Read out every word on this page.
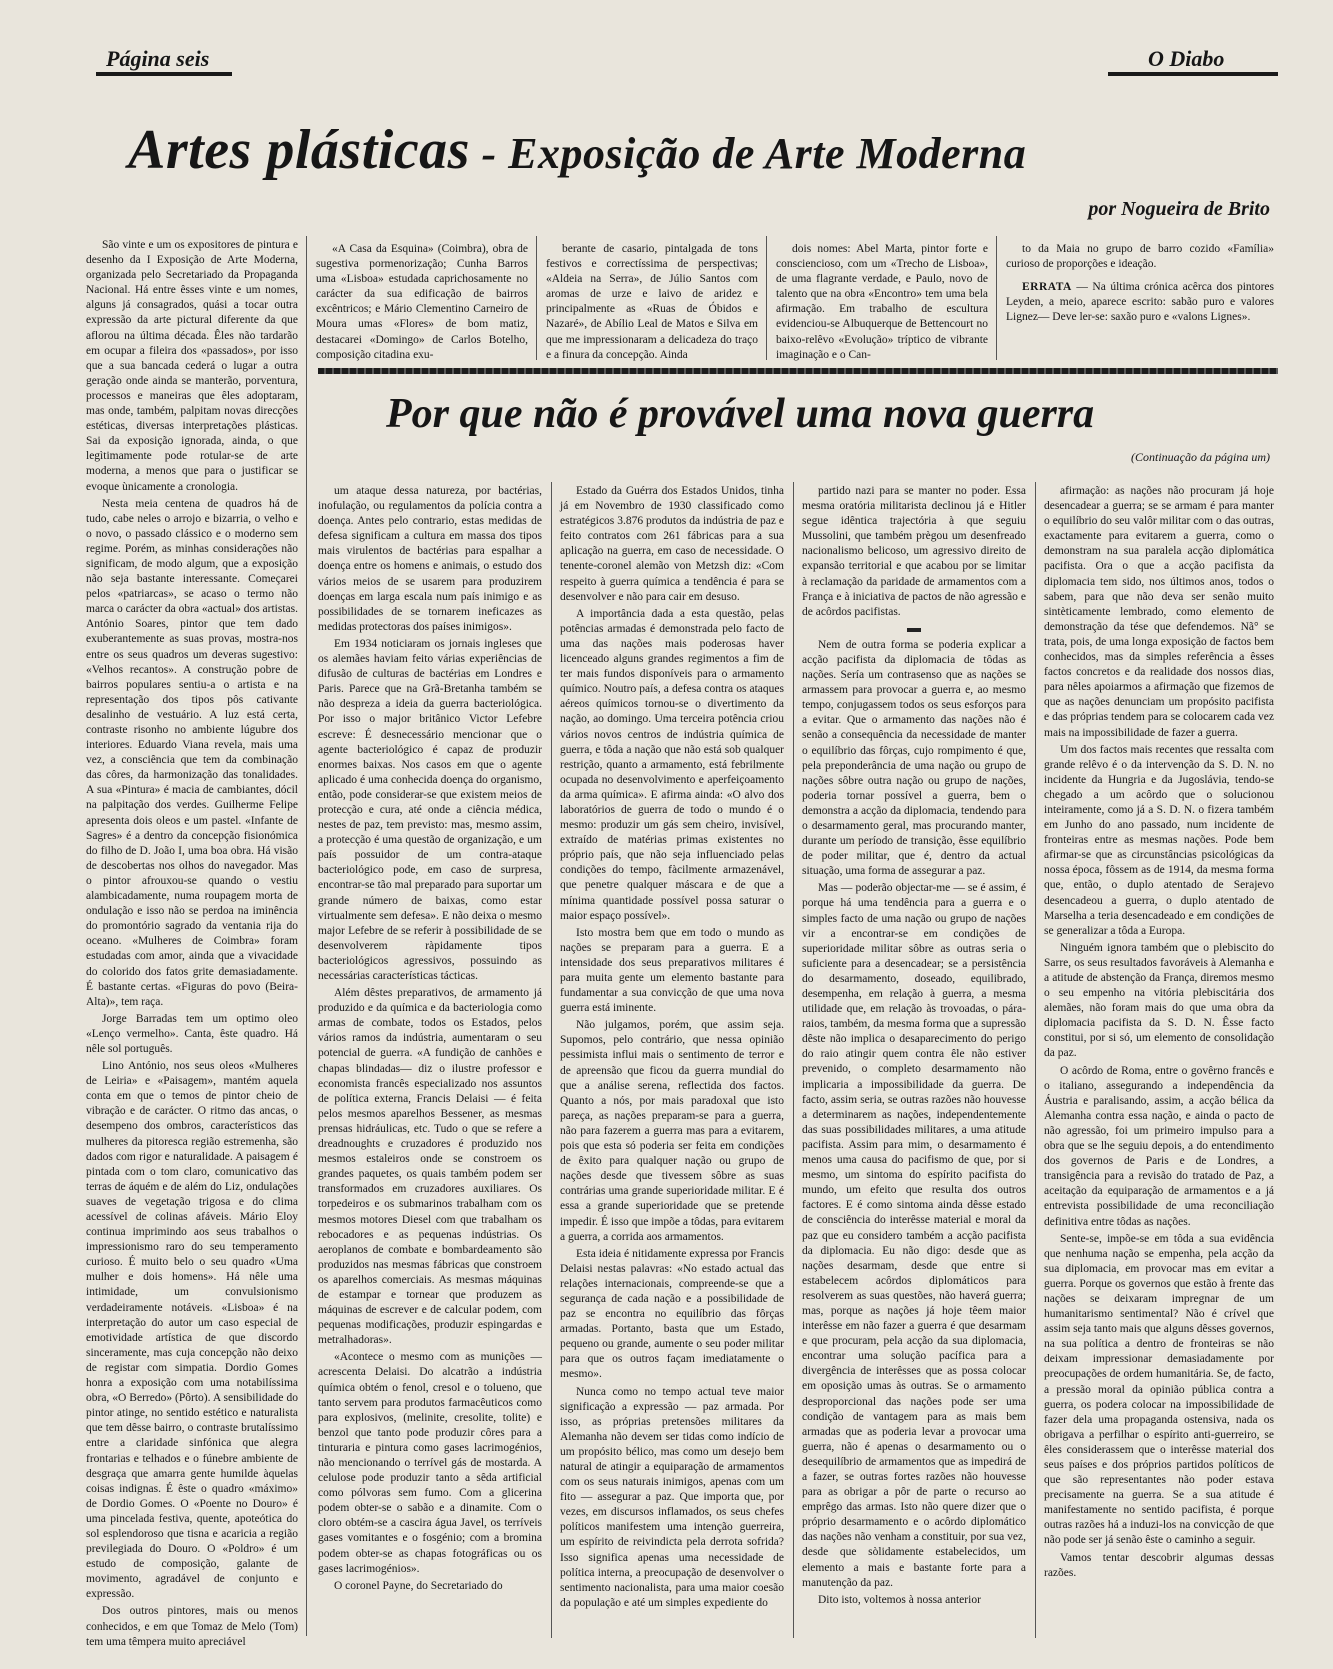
Página seis	O Diabo
Artes plásticas - Exposição de Arte Moderna
por Nogueira de Brito

São vinte e um os expositores de pintura e desenho da I Exposição de Arte Moderna, organizada pelo Secretariado da Propaganda Nacional. Há entre êsses vinte e um nomes, alguns já consagrados, quási a tocar outra expressão da arte pictural diferente da que aflorou na última década. Êles não tardarão em ocupar a fileira dos «passados», por isso que a sua bancada cederá o lugar a outra geração onde ainda se manterão, porventura, processos e maneiras que êles adoptaram, mas onde, também, palpitam novas direcções estéticas, diversas interpretações plásticas. Sai da exposição ignorada, ainda, o que legìtimamente pode rotular-se de arte moderna, a menos que para o justificar se evoque ùnicamente a cronologia.

Nesta meia centena de quadros há de tudo, cabe neles o arrojo e bizarria, o velho e o novo, o passado clássico e o moderno sem regime. Porém, as minhas considerações não significam, de modo algum, que a exposição não seja bastante interessante. Começarei pelos «patriarcas», se acaso o termo não marca o carácter da obra «actual» dos artistas. António Soares, pintor que tem dado exuberantemente as suas provas, mostra-nos entre os seus quadros um deveras sugestivo: «Velhos recantos». A construção pobre de bairros populares sentiu-a o artista e na representação dos tipos pôs cativante desalinho de vestuário. A luz está certa, contraste risonho no ambiente lúgubre dos interiores. Eduardo Viana revela, mais uma vez, a consciência que tem da combinação das côres, da harmonização das tonalidades. A sua «Pintura» é macia de cambiantes, dócil na palpitação dos verdes. Guilherme Felipe apresenta dois oleos e um pastel. «Infante de Sagres» é a dentro da concepção fisionómica do filho de D. João I, uma boa obra. Há visão de descobertas nos olhos do navegador. Mas o pintor afrouxou-se quando o vestiu alambicadamente, numa roupagem morta de ondulação e isso não se perdoa na iminência do promontório sagrado da ventania rija do oceano. «Mulheres de Coimbra» foram estudadas com amor, ainda que a vivacidade do colorido dos fatos grite demasiadamente. É bastante certas. «Figuras do povo (Beira-Alta)», tem raça.

Jorge Barradas tem um optimo oleo «Lenço vermelho». Canta, êste quadro. Há nêle sol português.

Lino António, nos seus oleos «Mulheres de Leiria» e «Paisagem», mantém aquela conta em que o temos de pintor cheio de vibração e de carácter. O ritmo das ancas, o desempeno dos ombros, característicos das mulheres da pitoresca região estremenha, são dados com rigor e naturalidade. A paisagem é pintada com o tom claro, comunicativo das terras de áquém e de além do Liz, ondulações suaves de vegetação trigosa e do clima acessível de colinas afáveis. Mário Eloy continua imprimindo aos seus trabalhos o impressionismo raro do seu temperamento curioso. É muito belo o seu quadro «Uma mulher e dois homens». Há nêle uma intimidade, um convulsionismo verdadeiramente notáveis. «Lisboa» é na interpretação do autor um caso especial de emotividade artística de que discordo sinceramente, mas cuja concepção não deixo de registar com simpatia. Dordio Gomes honra a exposição com uma notabilíssima obra, «O Berredo» (Pôrto). A sensibilidade do pintor atinge, no sentido estético e naturalista que tem dêsse bairro, o contraste brutalíssimo entre a claridade sinfónica que alegra frontarias e telhados e o fúnebre ambiente de desgraça que amarra gente humilde àquelas coisas indignas. É êste o quadro «máximo» de Dordio Gomes. O «Poente no Douro» é uma pincelada festiva, quente, apoteótica do sol esplendoroso que tisna e acaricia a região previlegiada do Douro. O «Poldro» é um estudo de composição, galante de movimento, agradável de conjunto e expressão.

Dos outros pintores, mais ou menos conhecidos, e em que Tomaz de Melo (Tom) tem uma têmpera muito apreciável

«A Casa da Esquina» (Coimbra), obra de sugestiva pormenorização; Cunha Barros uma «Lisboa» estudada caprichosamente no carácter da sua edificação de bairros excêntricos; e Mário Clementino Carneiro de Moura umas «Flores» de bom matiz, destacarei «Domingo» de Carlos Botelho, composição citadina exu-

berante de casario, pintalgada de tons festivos e correctíssima de perspectivas; «Aldeia na Serra», de Júlio Santos com aromas de urze e laivo de aridez e principalmente as «Ruas de Óbidos e Nazaré», de Abílio Leal de Matos e Silva em que me impressionaram a delicadeza do traço e a finura da concepção. Ainda

dois nomes: Abel Marta, pintor forte e consciencioso, com um «Trecho de Lisboa», de uma flagrante verdade, e Paulo, novo de talento que na obra «Encontro» tem uma bela afirmação. Em trabalho de escultura evidenciou-se Albuquerque de Bettencourt no baixo-relêvo «Evolução» tríptico de vibrante imaginação e o Can-

to da Maia no grupo de barro cozido «Família» curioso de proporções e ideação.

ERRATA — Na última crónica acêrca dos pintores Leyden, a meio, aparece escrito: sabão puro e valores Lignez— Deve ler-se: saxão puro e «valons Lignes».

Por que não é provável uma nova guerra
(Continuação da página um)

um ataque dessa natureza, por bactérias, inofulação, ou regulamentos da polícia contra a doença. Antes pelo contrario, estas medidas de defesa significam a cultura em massa dos tipos mais virulentos de bactérias para espalhar a doença entre os homens e animais, o estudo dos vários meios de se usarem para produzirem doenças em larga escala num país inimigo e as possibilidades de se tornarem ineficazes as medidas protectoras dos países inimigos».

Em 1934 noticiaram os jornais ingleses que os alemães haviam feito várias experiências de difusão de culturas de bactérias em Londres e Paris. Parece que na Grã-Bretanha também se não despreza a ideia da guerra bacteriológica. Por isso o major britânico Victor Lefebre escreve: É desnecessário mencionar que o agente bacteriológico é capaz de produzir enormes baixas. Nos casos em que o agente aplicado é uma conhecida doença do organismo, então, pode considerar-se que existem meios de protecção e cura, até onde a ciência médica, nestes de paz, tem previsto: mas, mesmo assim, a protecção é uma questão de organização, e um país possuidor de um contra-ataque bacteriológico pode, em caso de surpresa, encontrar-se tão mal preparado para suportar um grande número de baixas, como estar virtualmente sem defesa». E não deixa o mesmo major Lefebre de se referir à possibilidade de se desenvolverem ràpidamente tipos bacteriológicos agressivos, possuindo as necessárias características tácticas.

Além dêstes preparativos, de armamento já produzido e da química e da bacteriologia como armas de combate, todos os Estados, pelos vários ramos da indústria, aumentaram o seu potencial de guerra. «A fundição de canhões e chapas blindadas— diz o ilustre professor e economista francês especializado nos assuntos de política externa, Francis Delaisi — é feita pelos mesmos aparelhos Bessener, as mesmas prensas hidráulicas, etc. Tudo o que se refere a dreadnoughts e cruzadores é produzido nos mesmos estaleiros onde se constroem os grandes paquetes, os quais também podem ser transformados em cruzadores auxiliares. Os torpedeiros e os submarinos trabalham com os mesmos motores Diesel com que trabalham os rebocadores e as pequenas indústrias. Os aeroplanos de combate e bombardeamento são produzidos nas mesmas fábricas que constroem os aparelhos comerciais. As mesmas máquinas de estampar e tornear que produzem as máquinas de escrever e de calcular podem, com pequenas modificações, produzir espingardas e metralhadoras».

«Acontece o mesmo com as munições — acrescenta Delaisi. Do alcatrão a indústria química obtém o fenol, cresol e o tolueno, que tanto servem para produtos farmacêuticos como para explosivos, (melinite, cresolite, tolite) e benzol que tanto pode produzir côres para a tinturaria e pintura como gases lacrimogénios, não mencionando o terrível gás de mostarda. A celulose pode produzir tanto a sêda artificial como pólvoras sem fumo. Com a glicerina podem obter-se o sabão e a dinamite. Com o cloro obtém-se a cascira água Javel, os terríveis gases vomitantes e o fosgénio; com a bromina podem obter-se as chapas fotográficas ou os gases lacrimogénios».

O coronel Payne, do Secretariado do

Estado da Guérra dos Estados Unidos, tinha já em Novembro de 1930 classificado como estratégicos 3.876 produtos da indústria de paz e feito contratos com 261 fábricas para a sua aplicação na guerra, em caso de necessidade. O tenente-coronel alemão von Metzsh diz: «Com respeito à guerra química a tendência é para se desenvolver e não para cair em desuso.

A importância dada a esta questão, pelas potências armadas é demonstrada pelo facto de uma das nações mais poderosas haver licenceado alguns grandes regimentos a fim de ter mais fundos disponíveis para o armamento químico. Noutro país, a defesa contra os ataques aéreos químicos tornou-se o divertimento da nação, ao domingo. Uma terceira potência criou vários novos centros de indústria química de guerra, e tôda a nação que não está sob qualquer restrição, quanto a armamento, está febrilmente ocupada no desenvolvimento e aperfeiçoamento da arma química». E afirma ainda: «O alvo dos laboratórios de guerra de todo o mundo é o mesmo: produzir um gás sem cheiro, invisível, extraído de matérias primas existentes no próprio país, que não seja influenciado pelas condições do tempo, fàcilmente armazenável, que penetre qualquer máscara e de que a mínima quantidade possível possa saturar o maior espaço possível».

Isto mostra bem que em todo o mundo as nações se preparam para a guerra. E a intensidade dos seus preparativos militares é para muita gente um elemento bastante para fundamentar a sua convicção de que uma nova guerra está iminente.

Não julgamos, porém, que assim seja. Supomos, pelo contrário, que nessa opinião pessimista influi mais o sentimento de terror e de apreensão que ficou da guerra mundial do que a análise serena, reflectida dos factos. Quanto a nós, por mais paradoxal que isto pareça, as nações preparam-se para a guerra, não para fazerem a guerra mas para a evitarem, pois que esta só poderia ser feita em condições de êxito para qualquer nação ou grupo de nações desde que tivessem sôbre as suas contrárias uma grande superioridade militar. E é essa a grande superioridade que se pretende impedir. É isso que impõe a tôdas, para evitarem a guerra, a corrida aos armamentos.

Esta ideia é nitidamente expressa por Francis Delaisi nestas palavras: «No estado actual das relações internacionais, compreende-se que a segurança de cada nação e a possibilidade de paz se encontra no equilíbrio das fôrças armadas. Portanto, basta que um Estado, pequeno ou grande, aumente o seu poder militar para que os outros façam imediatamente o mesmo».

Nunca como no tempo actual teve maior significação a expressão — paz armada. Por isso, as próprias pretensões militares da Alemanha não devem ser tidas como indício de um propósito bélico, mas como um desejo bem natural de atingir a equiparação de armamentos com os seus naturais inimigos, apenas com um fito — assegurar a paz. Que importa que, por vezes, em discursos inflamados, os seus chefes políticos manifestem uma intenção guerreira, um espírito de reivindicta pela derrota sofrida? Isso significa apenas uma necessidade de política interna, a preocupação de desenvolver o sentimento nacionalista, para uma maior coesão da população e até um simples expediente do

partido nazi para se manter no poder. Essa mesma oratória militarista declinou já e Hitler segue idêntica trajectória à que seguiu Mussolini, que também prègou um desenfreado nacionalismo belicoso, um agressivo direito de expansão territorial e que acabou por se limitar à reclamação da paridade de armamentos com a França e à iniciativa de pactos de não agressão e de acôrdos pacifistas.

Nem de outra forma se poderia explicar a acção pacifista da diplomacia de tôdas as nações. Sería um contrasenso que as nações se armassem para provocar a guerra e, ao mesmo tempo, conjugassem todos os seus esforços para a evitar. Que o armamento das nações não é senão a consequência da necessidade de manter o equilíbrio das fôrças, cujo rompimento é que, pela preponderância de uma nação ou grupo de nações sôbre outra nação ou grupo de nações, poderia tornar possível a guerra, bem o demonstra a acção da diplomacia, tendendo para o desarmamento geral, mas procurando manter, durante um período de transição, êsse equilíbrio de poder militar, que é, dentro da actual situação, uma forma de assegurar a paz.

Mas — poderão objectar-me — se é assim, é porque há uma tendência para a guerra e o simples facto de uma nação ou grupo de nações vir a encontrar-se em condições de superioridade militar sôbre as outras seria o suficiente para a desencadear; se a persistência do desarmamento, doseado, equilibrado, desempenha, em relação à guerra, a mesma utilidade que, em relação às trovoadas, o pára-raios, também, da mesma forma que a supressão dêste não implica o desaparecimento do perigo do raio atingir quem contra êle não estiver prevenido, o completo desarmamento não implicaria a impossibilidade da guerra. De facto, assim seria, se outras razões não houvesse a determinarem as nações, independentemente das suas possibilidades militares, a uma atitude pacifista. Assim para mim, o desarmamento é menos uma causa do pacifismo de que, por si mesmo, um sintoma do espírito pacifista do mundo, um efeito que resulta dos outros factores. E é como sintoma ainda dêsse estado de consciência do interêsse material e moral da paz que eu considero também a acção pacifista da diplomacia. Eu não digo: desde que as nações desarmam, desde que entre si estabelecem acôrdos diplomáticos para resolverem as suas questões, não haverá guerra; mas, porque as nações já hoje têem maior interêsse em não fazer a guerra é que desarmam e que procuram, pela acção da sua diplomacia, encontrar uma solução pacífica para a divergência de interêsses que as possa colocar em oposição umas às outras. Se o armamento desproporcional das nações pode ser uma condição de vantagem para as mais bem armadas que as poderia levar a provocar uma guerra, não é apenas o desarmamento ou o desequilíbrio de armamentos que as impedirá de a fazer, se outras fortes razões não houvesse para as obrigar a pôr de parte o recurso ao emprêgo das armas. Isto não quere dizer que o próprio desarmamento e o acôrdo diplomático das nações não venham a constituir, por sua vez, desde que sòlidamente estabelecidos, um elemento a mais e bastante forte para a manutenção da paz.

Dito isto, voltemos à nossa anterior

afirmação: as nações não procuram já hoje desencadear a guerra; se se armam é para manter o equilíbrio do seu valôr militar com o das outras, exactamente para evitarem a guerra, como o demonstram na sua paralela acção diplomática pacifista. Ora o que a acção pacifista da diplomacia tem sido, nos últimos anos, todos o sabem, para que não deva ser senão muito sintèticamente lembrado, como elemento de demonstração da tése que defendemos. Nã° se trata, pois, de uma longa exposição de factos bem conhecidos, mas da simples referência a êsses factos concretos e da realidade dos nossos dias, para nêles apoiarmos a afirmação que fizemos de que as nações denunciam um propósito pacifista e das próprias tendem para se colocarem cada vez mais na impossibilidade de fazer a guerra.

Um dos factos mais recentes que ressalta com grande relêvo é o da intervenção da S. D. N. no incidente da Hungria e da Jugoslávia, tendo-se chegado a um acôrdo que o solucionou inteiramente, como já a S. D. N. o fizera também em Junho do ano passado, num incidente de fronteiras entre as mesmas nações. Pode bem afirmar-se que as circunstâncias psicológicas da nossa época, fôssem as de 1914, da mesma forma que, então, o duplo atentado de Serajevo desencadeou a guerra, o duplo atentado de Marselha a teria desencadeado e em condições de se generalizar a tôda a Europa.

Ninguém ignora também que o plebiscito do Sarre, os seus resultados favoráveis à Alemanha e a atitude de abstenção da França, diremos mesmo o seu empenho na vitória plebiscitária dos alemães, não foram mais do que uma obra da diplomacia pacifista da S. D. N. Êsse facto constitui, por si só, um elemento de consolidação da paz.

O acôrdo de Roma, entre o govêrno francês e o italiano, assegurando a independência da Áustria e paralisando, assim, a acção bélica da Alemanha contra essa nação, e ainda o pacto de não agressão, foi um primeiro impulso para a obra que se lhe seguiu depois, a do entendimento dos governos de Paris e de Londres, a transigência para a revisão do tratado de Paz, a aceitação da equiparação de armamentos e a já entrevista possibilidade de uma reconciliação definitiva entre tôdas as nações.

Sente-se, impõe-se em tôda a sua evidência que nenhuma nação se empenha, pela acção da sua diplomacia, em provocar mas em evitar a guerra. Porque os governos que estão à frente das nações se deixaram impregnar de um humanitarismo sentimental? Não é crível que assim seja tanto mais que alguns dêsses governos, na sua política a dentro de fronteiras se não deixam impressionar demasiadamente por preocupações de ordem humanitária. Se, de facto, a pressão moral da opinião pública contra a guerra, os podera colocar na impossibilidade de fazer dela uma propaganda ostensiva, nada os obrigava a perfilhar o espírito anti-guerreiro, se êles considerassem que o interêsse material dos seus países e dos próprios partidos políticos de que são representantes não poder estava precisamente na guerra. Se a sua atitude é manifestamente no sentido pacifista, é porque outras razões há a induzi-los na convicção de que não pode ser já senão êste o caminho a seguir.

Vamos tentar descobrir algumas dessas razões.
